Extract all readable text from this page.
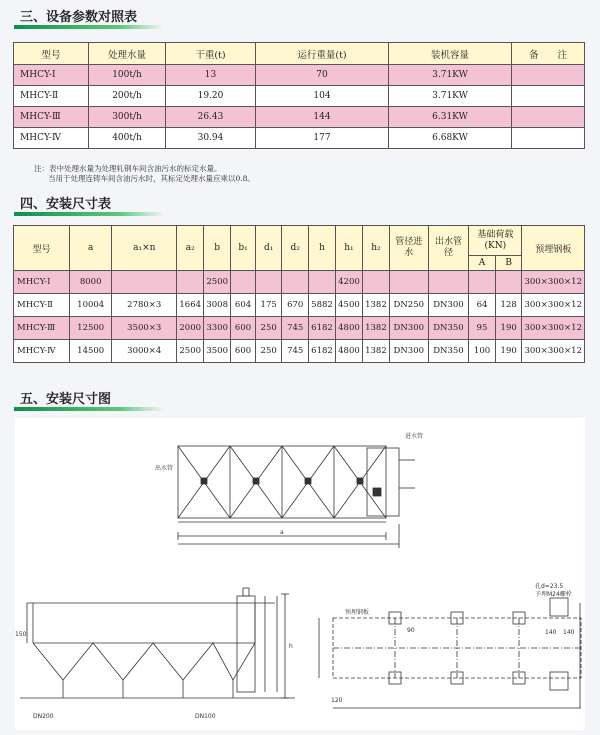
三、设备参数对照表
型号	处理水量	干重(t)	运行重量(t)	装机容量	备　　注
MHCY-Ⅰ	100t/h	13	70	3.71KW	
MHCY-Ⅱ	200t/h	19.20	104	3.71KW	
MHCY-Ⅲ	300t/h	26.43	144	6.31KW	
MHCY-Ⅳ	400t/h	30.94	177	6.68KW	
注：表中处理水量为处理轧钢车间含油污水的标定水量。
当用于处理连铸车间含油污水时，其标定处理水量应乘以0.8。
四、安装尺寸表
型号	a	a₁×n	a₂	b	b₁	d₁	d₂	h	h₁	h₂	管径进水	出水管径	基础荷载(KN)		预埋钢板
													A	B	
MHCY-Ⅰ	8000			2500					4200						300×300×12
MHCY-Ⅱ	10004	2780×3	1664	3008	604	175	670	5882	4500	1382	DN250	DN300	64	128	300×300×12
MHCY-Ⅲ	12500	3500×3	2000	3300	600	250	745	6182	4800	1382	DN300	DN350	95	190	300×300×12
MHCY-Ⅳ	14500	3000×4	2500	3500	600	250	745	6182	4800	1382	DN300	DN350	100	190	300×300×12
五、安装尺寸图
出水管
进水管
a
h
150
120
DN200	DN100
予埋M24螺栓
孔d=23.5
预埋钢板
90	140 140
